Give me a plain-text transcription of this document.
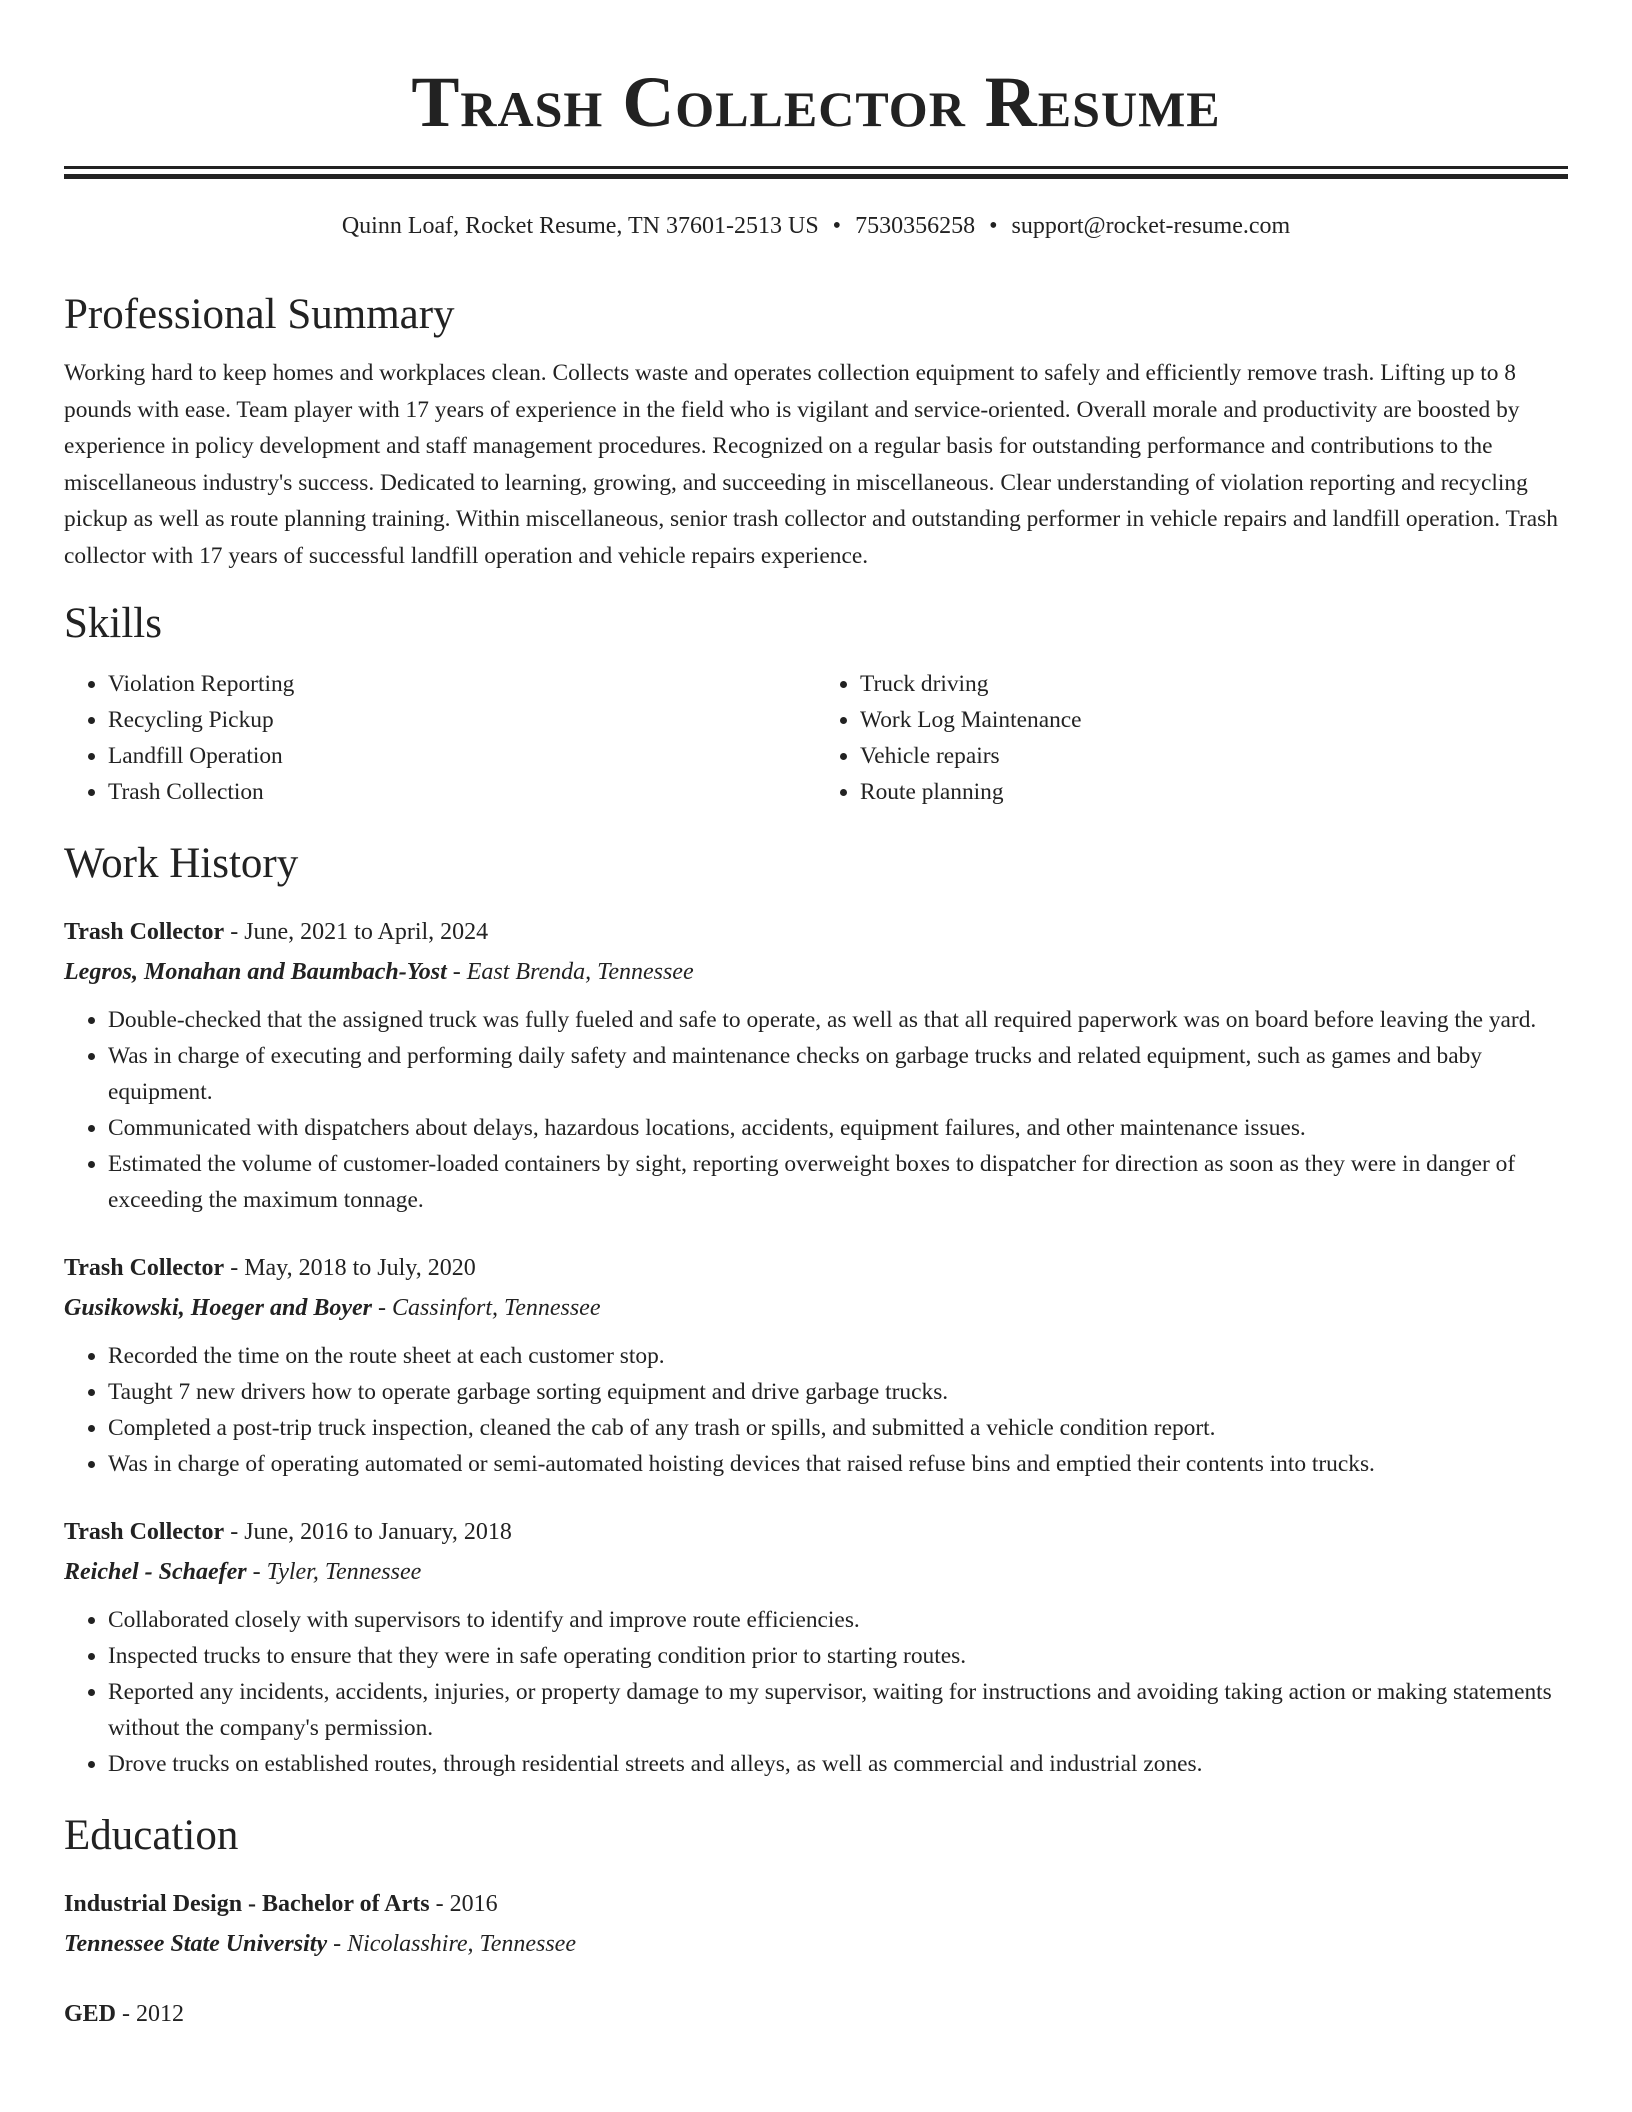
Trash Collector Resume
Quinn Loaf, Rocket Resume, TN 37601-2513 US • 7530356258 • support@rocket-resume.com
Professional Summary

Working hard to keep homes and workplaces clean. Collects waste and operates collection equipment to safely and efficiently remove trash. Lifting up to 8 pounds with ease. Team player with 17 years of experience in the field who is vigilant and service-oriented. Overall morale and productivity are boosted by experience in policy development and staff management procedures. Recognized on a regular basis for outstanding performance and contributions to the miscellaneous industry's success. Dedicated to learning, growing, and succeeding in miscellaneous. Clear understanding of violation reporting and recycling pickup as well as route planning training. Within miscellaneous, senior trash collector and outstanding performer in vehicle repairs and landfill operation. Trash collector with 17 years of successful landfill operation and vehicle repairs experience.

Skills
• Violation Reporting
• Recycling Pickup
• Landfill Operation
• Trash Collection
• Truck driving
• Work Log Maintenance
• Vehicle repairs
• Route planning
Work History
Trash Collector - June, 2021 to April, 2024
Legros, Monahan and Baumbach-Yost - East Brenda, Tennessee
• Double-checked that the assigned truck was fully fueled and safe to operate, as well as that all required paperwork was on board before leaving the yard.
• Was in charge of executing and performing daily safety and maintenance checks on garbage trucks and related equipment, such as games and baby equipment.
• Communicated with dispatchers about delays, hazardous locations, accidents, equipment failures, and other maintenance issues.
• Estimated the volume of customer-loaded containers by sight, reporting overweight boxes to dispatcher for direction as soon as they were in danger of exceeding the maximum tonnage.
Trash Collector - May, 2018 to July, 2020
Gusikowski, Hoeger and Boyer - Cassinfort, Tennessee
• Recorded the time on the route sheet at each customer stop.
• Taught 7 new drivers how to operate garbage sorting equipment and drive garbage trucks.
• Completed a post-trip truck inspection, cleaned the cab of any trash or spills, and submitted a vehicle condition report.
• Was in charge of operating automated or semi-automated hoisting devices that raised refuse bins and emptied their contents into trucks.
Trash Collector - June, 2016 to January, 2018
Reichel - Schaefer - Tyler, Tennessee
• Collaborated closely with supervisors to identify and improve route efficiencies.
• Inspected trucks to ensure that they were in safe operating condition prior to starting routes.
• Reported any incidents, accidents, injuries, or property damage to my supervisor, waiting for instructions and avoiding taking action or making statements without the company's permission.
• Drove trucks on established routes, through residential streets and alleys, as well as commercial and industrial zones.
Education
Industrial Design - Bachelor of Arts - 2016
Tennessee State University - Nicolasshire, Tennessee
GED - 2012
